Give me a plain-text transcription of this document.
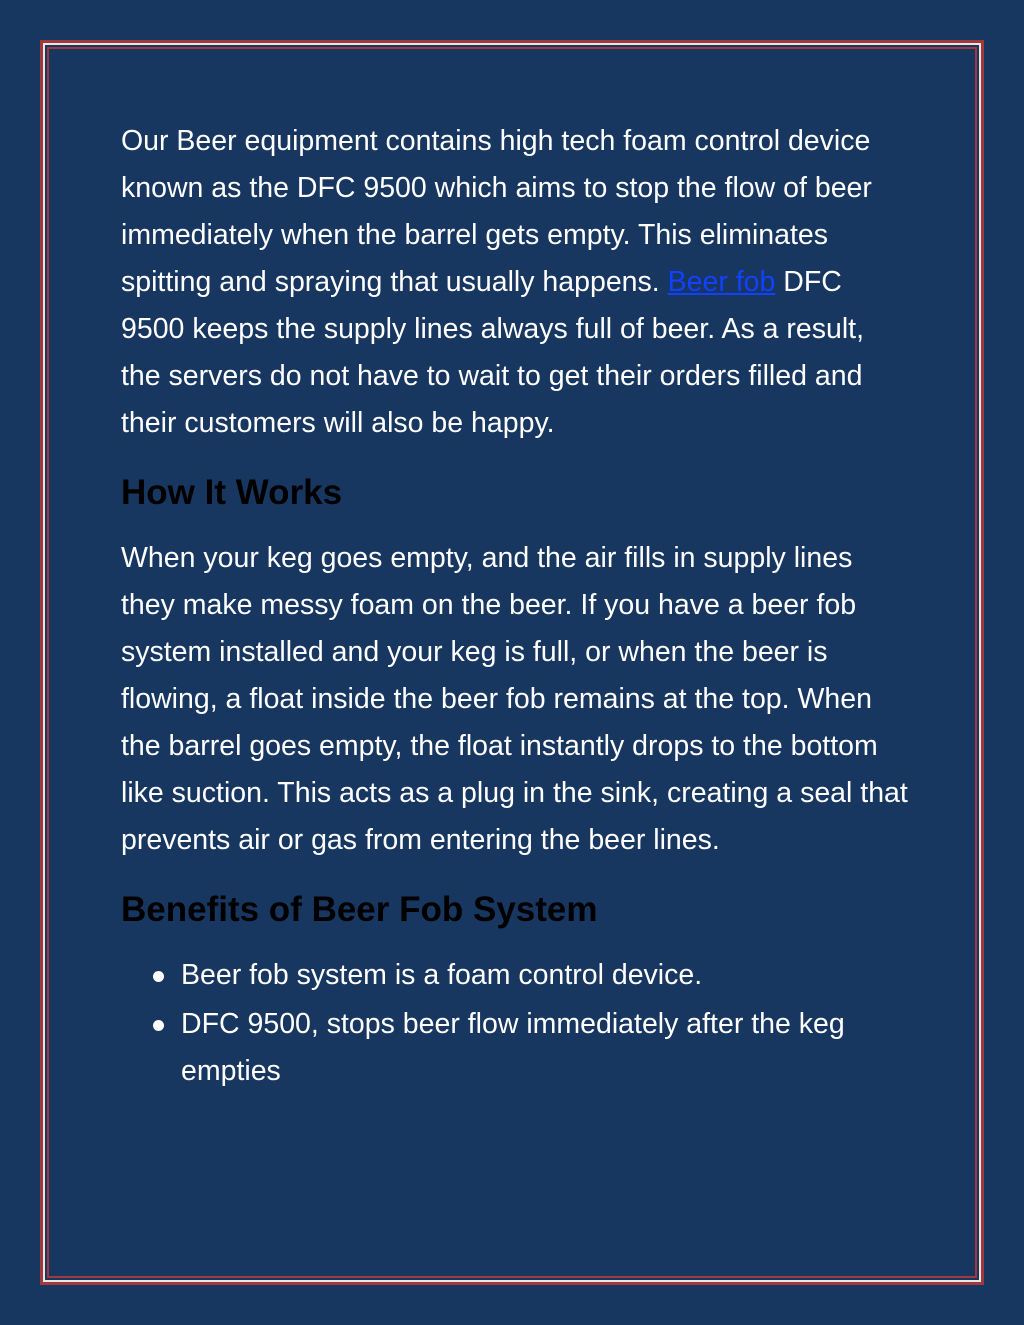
Our Beer equipment contains high tech foam control device known as the DFC 9500 which aims to stop the flow of beer immediately when the barrel gets empty. This eliminates spitting and spraying that usually happens. Beer fob DFC 9500 keeps the supply lines always full of beer. As a result, the servers do not have to wait to get their orders filled and their customers will also be happy.

How It Works

When your keg goes empty, and the air fills in supply lines they make messy foam on the beer. If you have a beer fob system installed and your keg is full, or when the beer is flowing, a float inside the beer fob remains at the top. When the barrel goes empty, the float instantly drops to the bottom like suction. This acts as a plug in the sink, creating a seal that prevents air or gas from entering the beer lines.

Benefits of Beer Fob System
Beer fob system is a foam control device.
DFC 9500, stops beer flow immediately after the keg empties
